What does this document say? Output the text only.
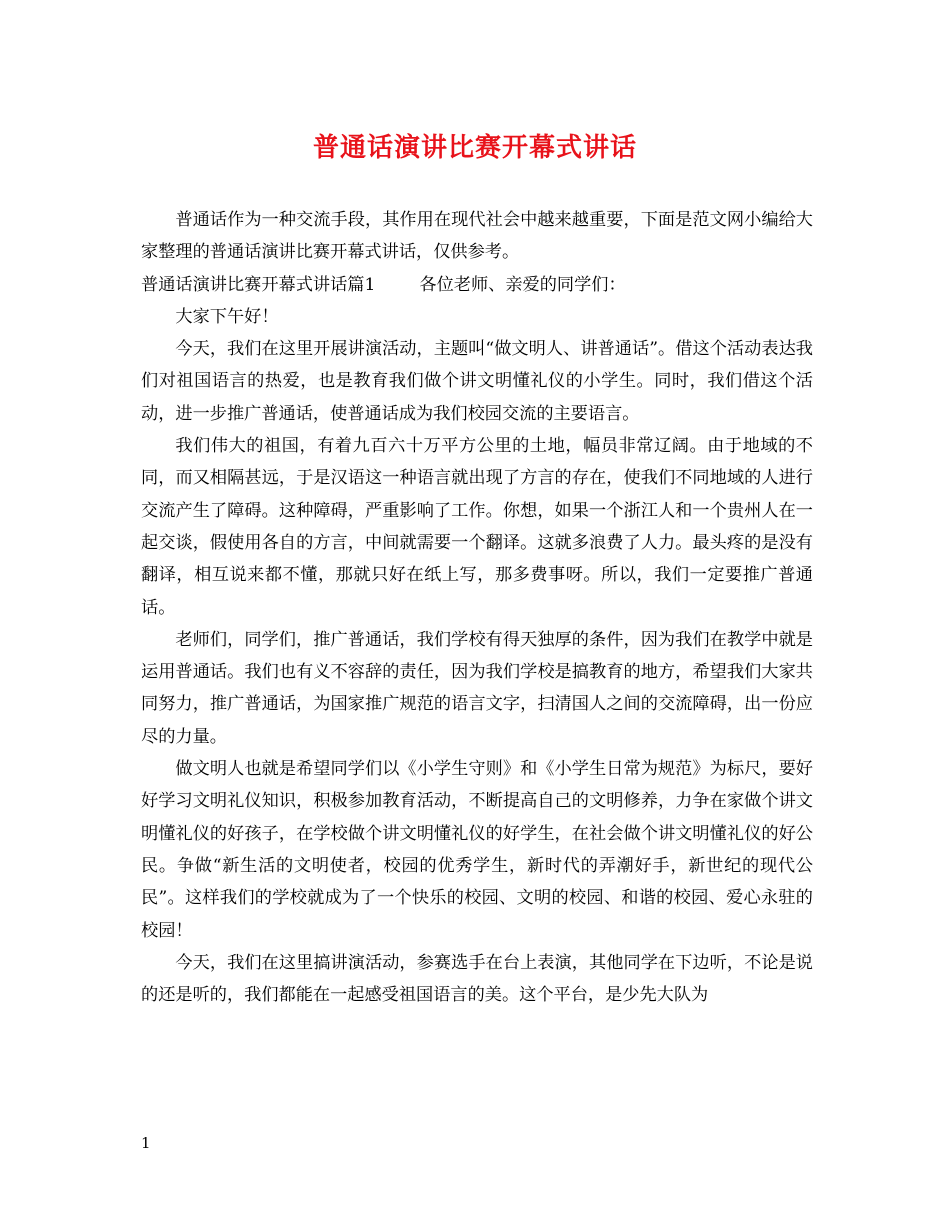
普通话演讲比赛开幕式讲话

普通话作为一种交流手段，其作用在现代社会中越来越重要，下面是范文网小编给大家整理的普通话演讲比赛开幕式讲话，仅供参考。

普通话演讲比赛开幕式讲话篇1	各位老师、亲爱的同学们：

大家下午好！

今天，我们在这里开展讲演活动，主题叫“做文明人、讲普通话”。借这个活动表达我们对祖国语言的热爱，也是教育我们做个讲文明懂礼仪的小学生。同时，我们借这个活动，进一步推广普通话，使普通话成为我们校园交流的主要语言。

我们伟大的祖国，有着九百六十万平方公里的土地，幅员非常辽阔。由于地域的不同，而又相隔甚远，于是汉语这一种语言就出现了方言的存在，使我们不同地域的人进行交流产生了障碍。这种障碍，严重影响了工作。你想，如果一个浙江人和一个贵州人在一起交谈，假使用各自的方言，中间就需要一个翻译。这就多浪费了人力。最头疼的是没有翻译，相互说来都不懂，那就只好在纸上写，那多费事呀。所以，我们一定要推广普通话。

老师们，同学们，推广普通话，我们学校有得天独厚的条件，因为我们在教学中就是运用普通话。我们也有义不容辞的责任，因为我们学校是搞教育的地方，希望我们大家共同努力，推广普通话，为国家推广规范的语言文字，扫清国人之间的交流障碍，出一份应尽的力量。

做文明人也就是希望同学们以《小学生守则》和《小学生日常为规范》为标尺，要好好学习文明礼仪知识，积极参加教育活动，不断提高自己的文明修养，力争在家做个讲文明懂礼仪的好孩子，在学校做个讲文明懂礼仪的好学生，在社会做个讲文明懂礼仪的好公民。争做“新生活的文明使者，校园的优秀学生，新时代的弄潮好手，新世纪的现代公民”。这样我们的学校就成为了一个快乐的校园、文明的校园、和谐的校园、爱心永驻的校园！

今天，我们在这里搞讲演活动，参赛选手在台上表演，其他同学在下边听，不论是说的还是听的，我们都能在一起感受祖国语言的美。这个平台，是少先大队为

1
